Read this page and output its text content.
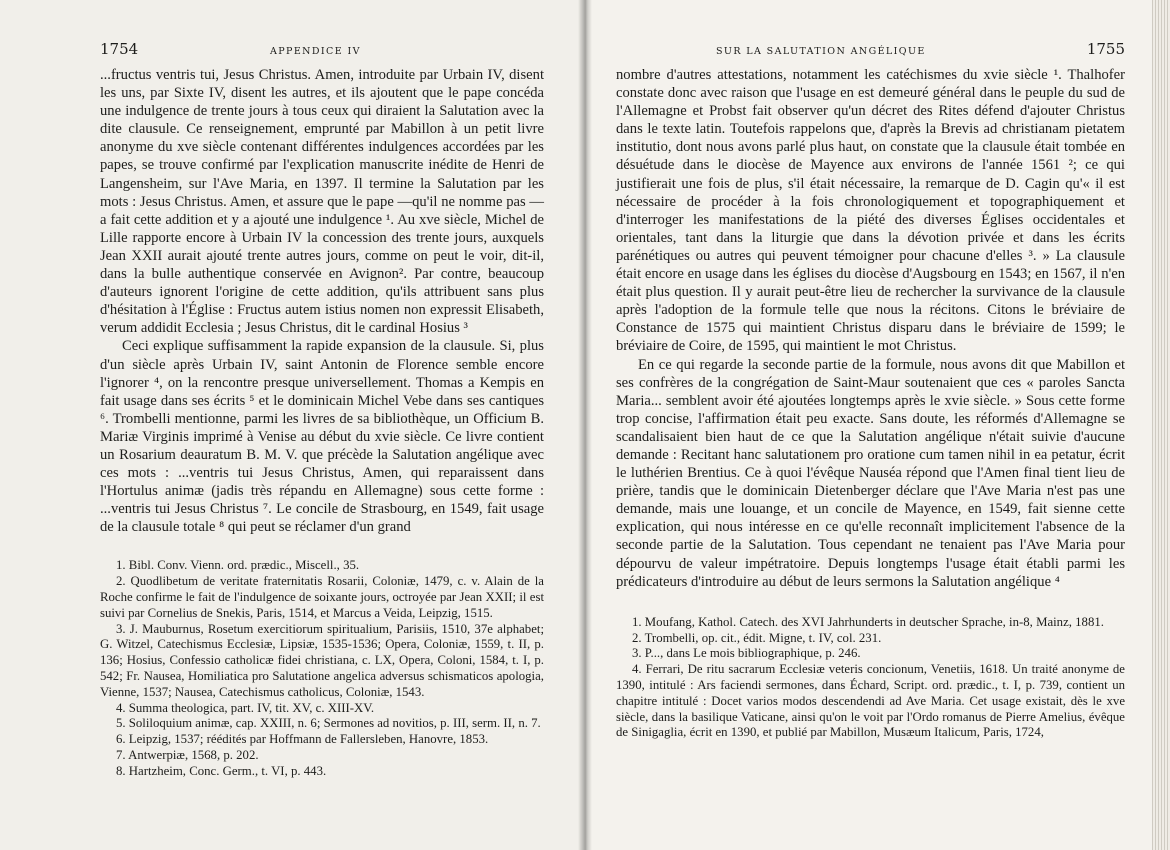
1754	APPENDICE IV

...fructus ventris tui, Jesus Christus. Amen, introduite par Urbain IV, disent les uns, par Sixte IV, disent les autres, et ils ajoutent que le pape concéda une indulgence de trente jours à tous ceux qui diraient la Salutation avec la dite clausule. Ce renseignement, emprunté par Mabillon à un petit livre anonyme du xve siècle contenant différentes indulgences accordées par les papes, se trouve confirmé par l'explication manuscrite inédite de Henri de Langensheim, sur l'Ave Maria, en 1397. Il termine la Salutation par les mots : Jesus Christus. Amen, et assure que le pape —qu'il ne nomme pas — a fait cette addition et y a ajouté une indulgence ¹. Au xve siècle, Michel de Lille rapporte encore à Urbain IV la concession des trente jours, auxquels Jean XXII aurait ajouté trente autres jours, comme on peut le voir, dit-il, dans la bulle authentique conservée en Avignon². Par contre, beaucoup d'auteurs ignorent l'origine de cette addition, qu'ils attribuent sans plus d'hésitation à l'Église : Fructus autem istius nomen non expressit Elisabeth, verum addidit Ecclesia ; Jesus Christus, dit le cardinal Hosius ³

Ceci explique suffisamment la rapide expansion de la clausule. Si, plus d'un siècle après Urbain IV, saint Antonin de Florence semble encore l'ignorer ⁴, on la rencontre presque universellement. Thomas a Kempis en fait usage dans ses écrits ⁵ et le dominicain Michel Vebe dans ses cantiques ⁶. Trombelli mentionne, parmi les livres de sa bibliothèque, un Officium B. Mariæ Virginis imprimé à Venise au début du xvie siècle. Ce livre contient un Rosarium deauratum B. M. V. que précède la Salutation angélique avec ces mots : ...ventris tui Jesus Christus, Amen, qui reparaissent dans l'Hortulus animæ (jadis très répandu en Allemagne) sous cette forme : ...ventris tui Jesus Christus ⁷. Le concile de Strasbourg, en 1549, fait usage de la clausule totale ⁸ qui peut se réclamer d'un grand

1. Bibl. Conv. Vienn. ord. prædic., Miscell., 35.

2. Quodlibetum de veritate fraternitatis Rosarii, Coloniæ, 1479, c. v. Alain de la Roche confirme le fait de l'indulgence de soixante jours, octroyée par Jean XXII; il est suivi par Cornelius de Snekis, Paris, 1514, et Marcus a Veida, Leipzig, 1515.

3. J. Mauburnus, Rosetum exercitiorum spiritualium, Parisiis, 1510, 37e alphabet; G. Witzel, Catechismus Ecclesiæ, Lipsiæ, 1535-1536; Opera, Coloniæ, 1559, t. II, p. 136; Hosius, Confessio catholicæ fidei christiana, c. LX, Opera, Coloni, 1584, t. I, p. 542; Fr. Nausea, Homiliatica pro Salutatione angelica adversus schismaticos apologia, Vienne, 1537; Nausea, Catechismus catholicus, Coloniæ, 1543.

4. Summa theologica, part. IV, tit. XV, c. XIII-XV.

5. Soliloquium animæ, cap. XXIII, n. 6; Sermones ad novitios, p. III, serm. II, n. 7.

6. Leipzig, 1537; réédités par Hoffmann de Fallersleben, Hanovre, 1853.

7. Antwerpiæ, 1568, p. 202.

8. Hartzheim, Conc. Germ., t. VI, p. 443.

SUR LA SALUTATION ANGÉLIQUE	1755

nombre d'autres attestations, notamment les catéchismes du xvie siècle ¹. Thalhofer constate donc avec raison que l'usage en est demeuré général dans le peuple du sud de l'Allemagne et Probst fait observer qu'un décret des Rites défend d'ajouter Christus dans le texte latin. Toutefois rappelons que, d'après la Brevis ad christianam pietatem institutio, dont nous avons parlé plus haut, on constate que la clausule était tombée en désuétude dans le diocèse de Mayence aux environs de l'année 1561 ²; ce qui justifierait une fois de plus, s'il était nécessaire, la remarque de D. Cagin qu'« il est nécessaire de procéder à la fois chronologiquement et topographiquement et d'interroger les manifestations de la piété des diverses Églises occidentales et orientales, tant dans la liturgie que dans la dévotion privée et dans les écrits parénétiques ou autres qui peuvent témoigner pour chacune d'elles ³. » La clausule était encore en usage dans les églises du diocèse d'Augsbourg en 1543; en 1567, il n'en était plus question. Il y aurait peut-être lieu de rechercher la survivance de la clausule après l'adoption de la formule telle que nous la récitons. Citons le bréviaire de Constance de 1575 qui maintient Christus disparu dans le bréviaire de 1599; le bréviaire de Coire, de 1595, qui maintient le mot Christus.

En ce qui regarde la seconde partie de la formule, nous avons dit que Mabillon et ses confrères de la congrégation de Saint-Maur soutenaient que ces « paroles Sancta Maria... semblent avoir été ajoutées longtemps après le xvie siècle. » Sous cette forme trop concise, l'affirmation était peu exacte. Sans doute, les réformés d'Allemagne se scandalisaient bien haut de ce que la Salutation angélique n'était suivie d'aucune demande : Recitant hanc salutationem pro oratione cum tamen nihil in ea petatur, écrit le luthérien Brentius. Ce à quoi l'évêque Nauséa répond que l'Amen final tient lieu de prière, tandis que le dominicain Dietenberger déclare que l'Ave Maria n'est pas une demande, mais une louange, et un concile de Mayence, en 1549, fait sienne cette explication, qui nous intéresse en ce qu'elle reconnaît implicitement l'absence de la seconde partie de la Salutation. Tous cependant ne tenaient pas l'Ave Maria pour dépourvu de valeur impétratoire. Depuis longtemps l'usage était établi parmi les prédicateurs d'introduire au début de leurs sermons la Salutation angélique ⁴

1. Moufang, Kathol. Catech. des XVI Jahrhunderts in deutscher Sprache, in-8, Mainz, 1881.

2. Trombelli, op. cit., édit. Migne, t. IV, col. 231.

3. P..., dans Le mois bibliographique, p. 246.

4. Ferrari, De ritu sacrarum Ecclesiæ veteris concionum, Venetiis, 1618. Un traité anonyme de 1390, intitulé : Ars faciendi sermones, dans Échard, Script. ord. prædic., t. I, p. 739, contient un chapitre intitulé : Docet varios modos descendendi ad Ave Maria. Cet usage existait, dès le xve siècle, dans la basilique Vaticane, ainsi qu'on le voit par l'Ordo romanus de Pierre Amelius, évêque de Sinigaglia, écrit en 1390, et publié par Mabillon, Musæum Italicum, Paris, 1724,
